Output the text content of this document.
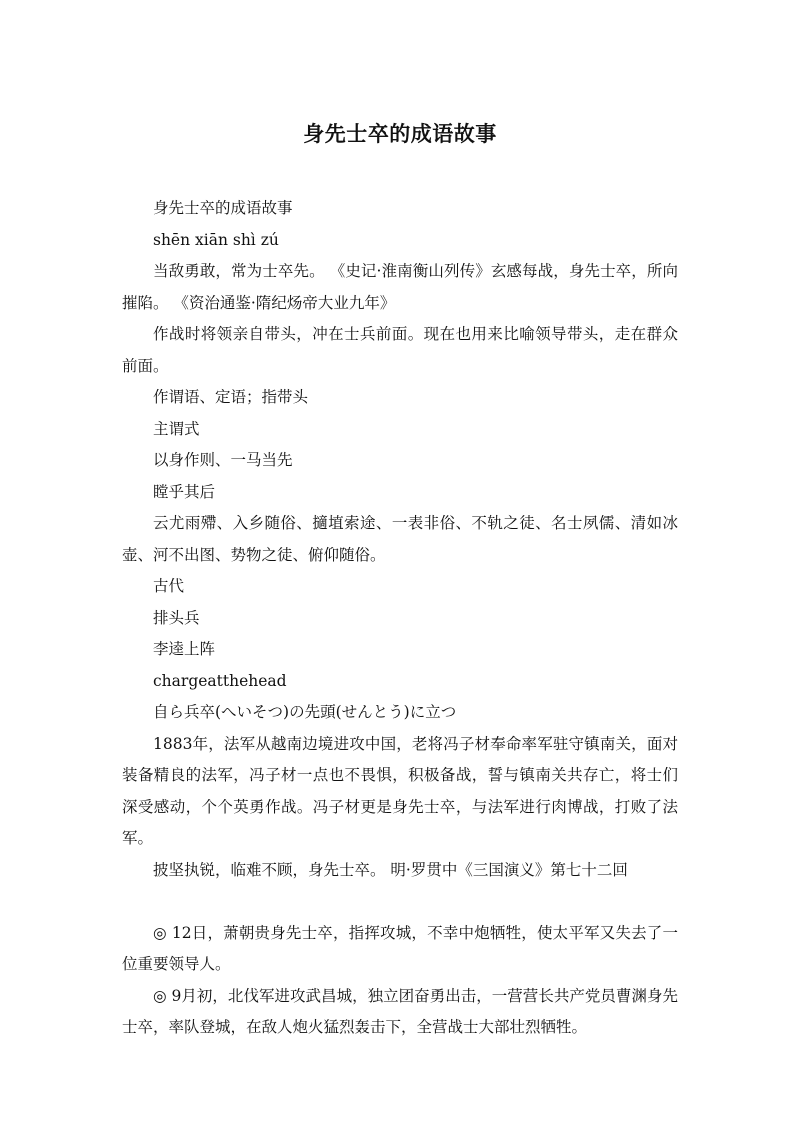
身先士卒的成语故事

身先士卒的成语故事

shēn xiān shì zú

当敌勇敢，常为士卒先。 《史记·淮南衡山列传》玄感每战，身先士卒，所向摧陷。 《资治通鉴·隋纪炀帝大业九年》

作战时将领亲自带头，冲在士兵前面。现在也用来比喻领导带头，走在群众前面。

作谓语、定语；指带头

主谓式

以身作则、一马当先

瞠乎其后

云尤雨殢、入乡随俗、擿埴索途、一表非俗、不轨之徒、名士夙儒、清如冰壶、河不出图、势物之徒、俯仰随俗。

古代

排头兵

李逵上阵

chargeatthehead

自ら兵卒(へいそつ)の先頭(せんとう)に立つ

1883年，法军从越南边境进攻中国，老将冯子材奉命率军驻守镇南关，面对装备精良的法军，冯子材一点也不畏惧，积极备战，誓与镇南关共存亡，将士们深受感动，个个英勇作战。冯子材更是身先士卒，与法军进行肉博战，打败了法军。

披坚执锐，临难不顾，身先士卒。 明·罗贯中《三国演义》第七十二回

◎ 12日，萧朝贵身先士卒，指挥攻城，不幸中炮牺牲，使太平军又失去了一位重要领导人。

◎ 9月初，北伐军进攻武昌城，独立团奋勇出击，一营营长共产党员曹渊身先士卒，率队登城，在敌人炮火猛烈轰击下，全营战士大部壮烈牺牲。
